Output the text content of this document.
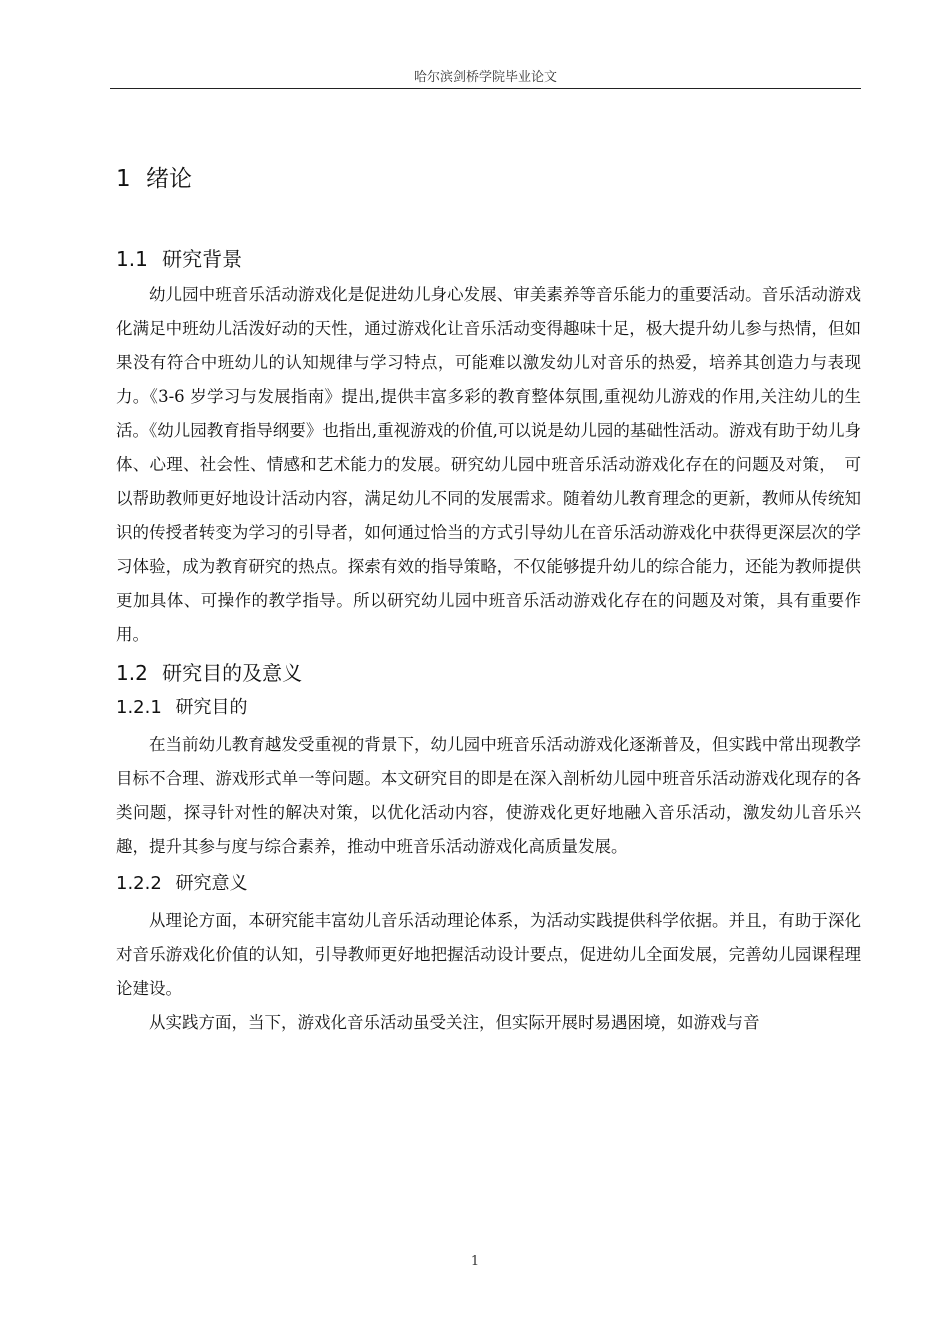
哈尔滨剑桥学院毕业论文
1 绪论
1.1 研究背景

幼儿园中班音乐活动游戏化是促进幼儿身心发展、审美素养等音乐能力的重要活动。音乐活动游戏化满足中班幼儿活泼好动的天性，通过游戏化让音乐活动变得趣味十足，极大提升幼儿参与热情，但如果没有符合中班幼儿的认知规律与学习特点，可能难以激发幼儿对音乐的热爱，培养其创造力与表现力。《3-6 岁学习与发展指南》提出,提供丰富多彩的教育整体氛围,重视幼儿游戏的作用,关注幼儿的生活。《幼儿园教育指导纲要》也指出,重视游戏的价值,可以说是幼儿园的基础性活动。游戏有助于幼儿身体、心理、社会性、情感和艺术能力的发展。研究幼儿园中班音乐活动游戏化存在的问题及对策，　可以帮助教师更好地设计活动内容，满足幼儿不同的发展需求。随着幼儿教育理念的更新，教师从传统知识的传授者转变为学习的引导者，如何通过恰当的方式引导幼儿在音乐活动游戏化中获得更深层次的学习体验，成为教育研究的热点。探索有效的指导策略，不仅能够提升幼儿的综合能力，还能为教师提供更加具体、可操作的教学指导。所以研究幼儿园中班音乐活动游戏化存在的问题及对策，具有重要作用。

1.2 研究目的及意义
1.2.1 研究目的

在当前幼儿教育越发受重视的背景下，幼儿园中班音乐活动游戏化逐渐普及，但实践中常出现教学目标不合理、游戏形式单一等问题。本文研究目的即是在深入剖析幼儿园中班音乐活动游戏化现存的各类问题，探寻针对性的解决对策，以优化活动内容，使游戏化更好地融入音乐活动，激发幼儿音乐兴趣，提升其参与度与综合素养，推动中班音乐活动游戏化高质量发展。

1.2.2 研究意义

从理论方面，本研究能丰富幼儿音乐活动理论体系，为活动实践提供科学依据。并且，有助于深化对音乐游戏化价值的认知，引导教师更好地把握活动设计要点，促进幼儿全面发展，完善幼儿园课程理论建设。

从实践方面，当下，游戏化音乐活动虽受关注，但实际开展时易遇困境，如游戏与音

1
